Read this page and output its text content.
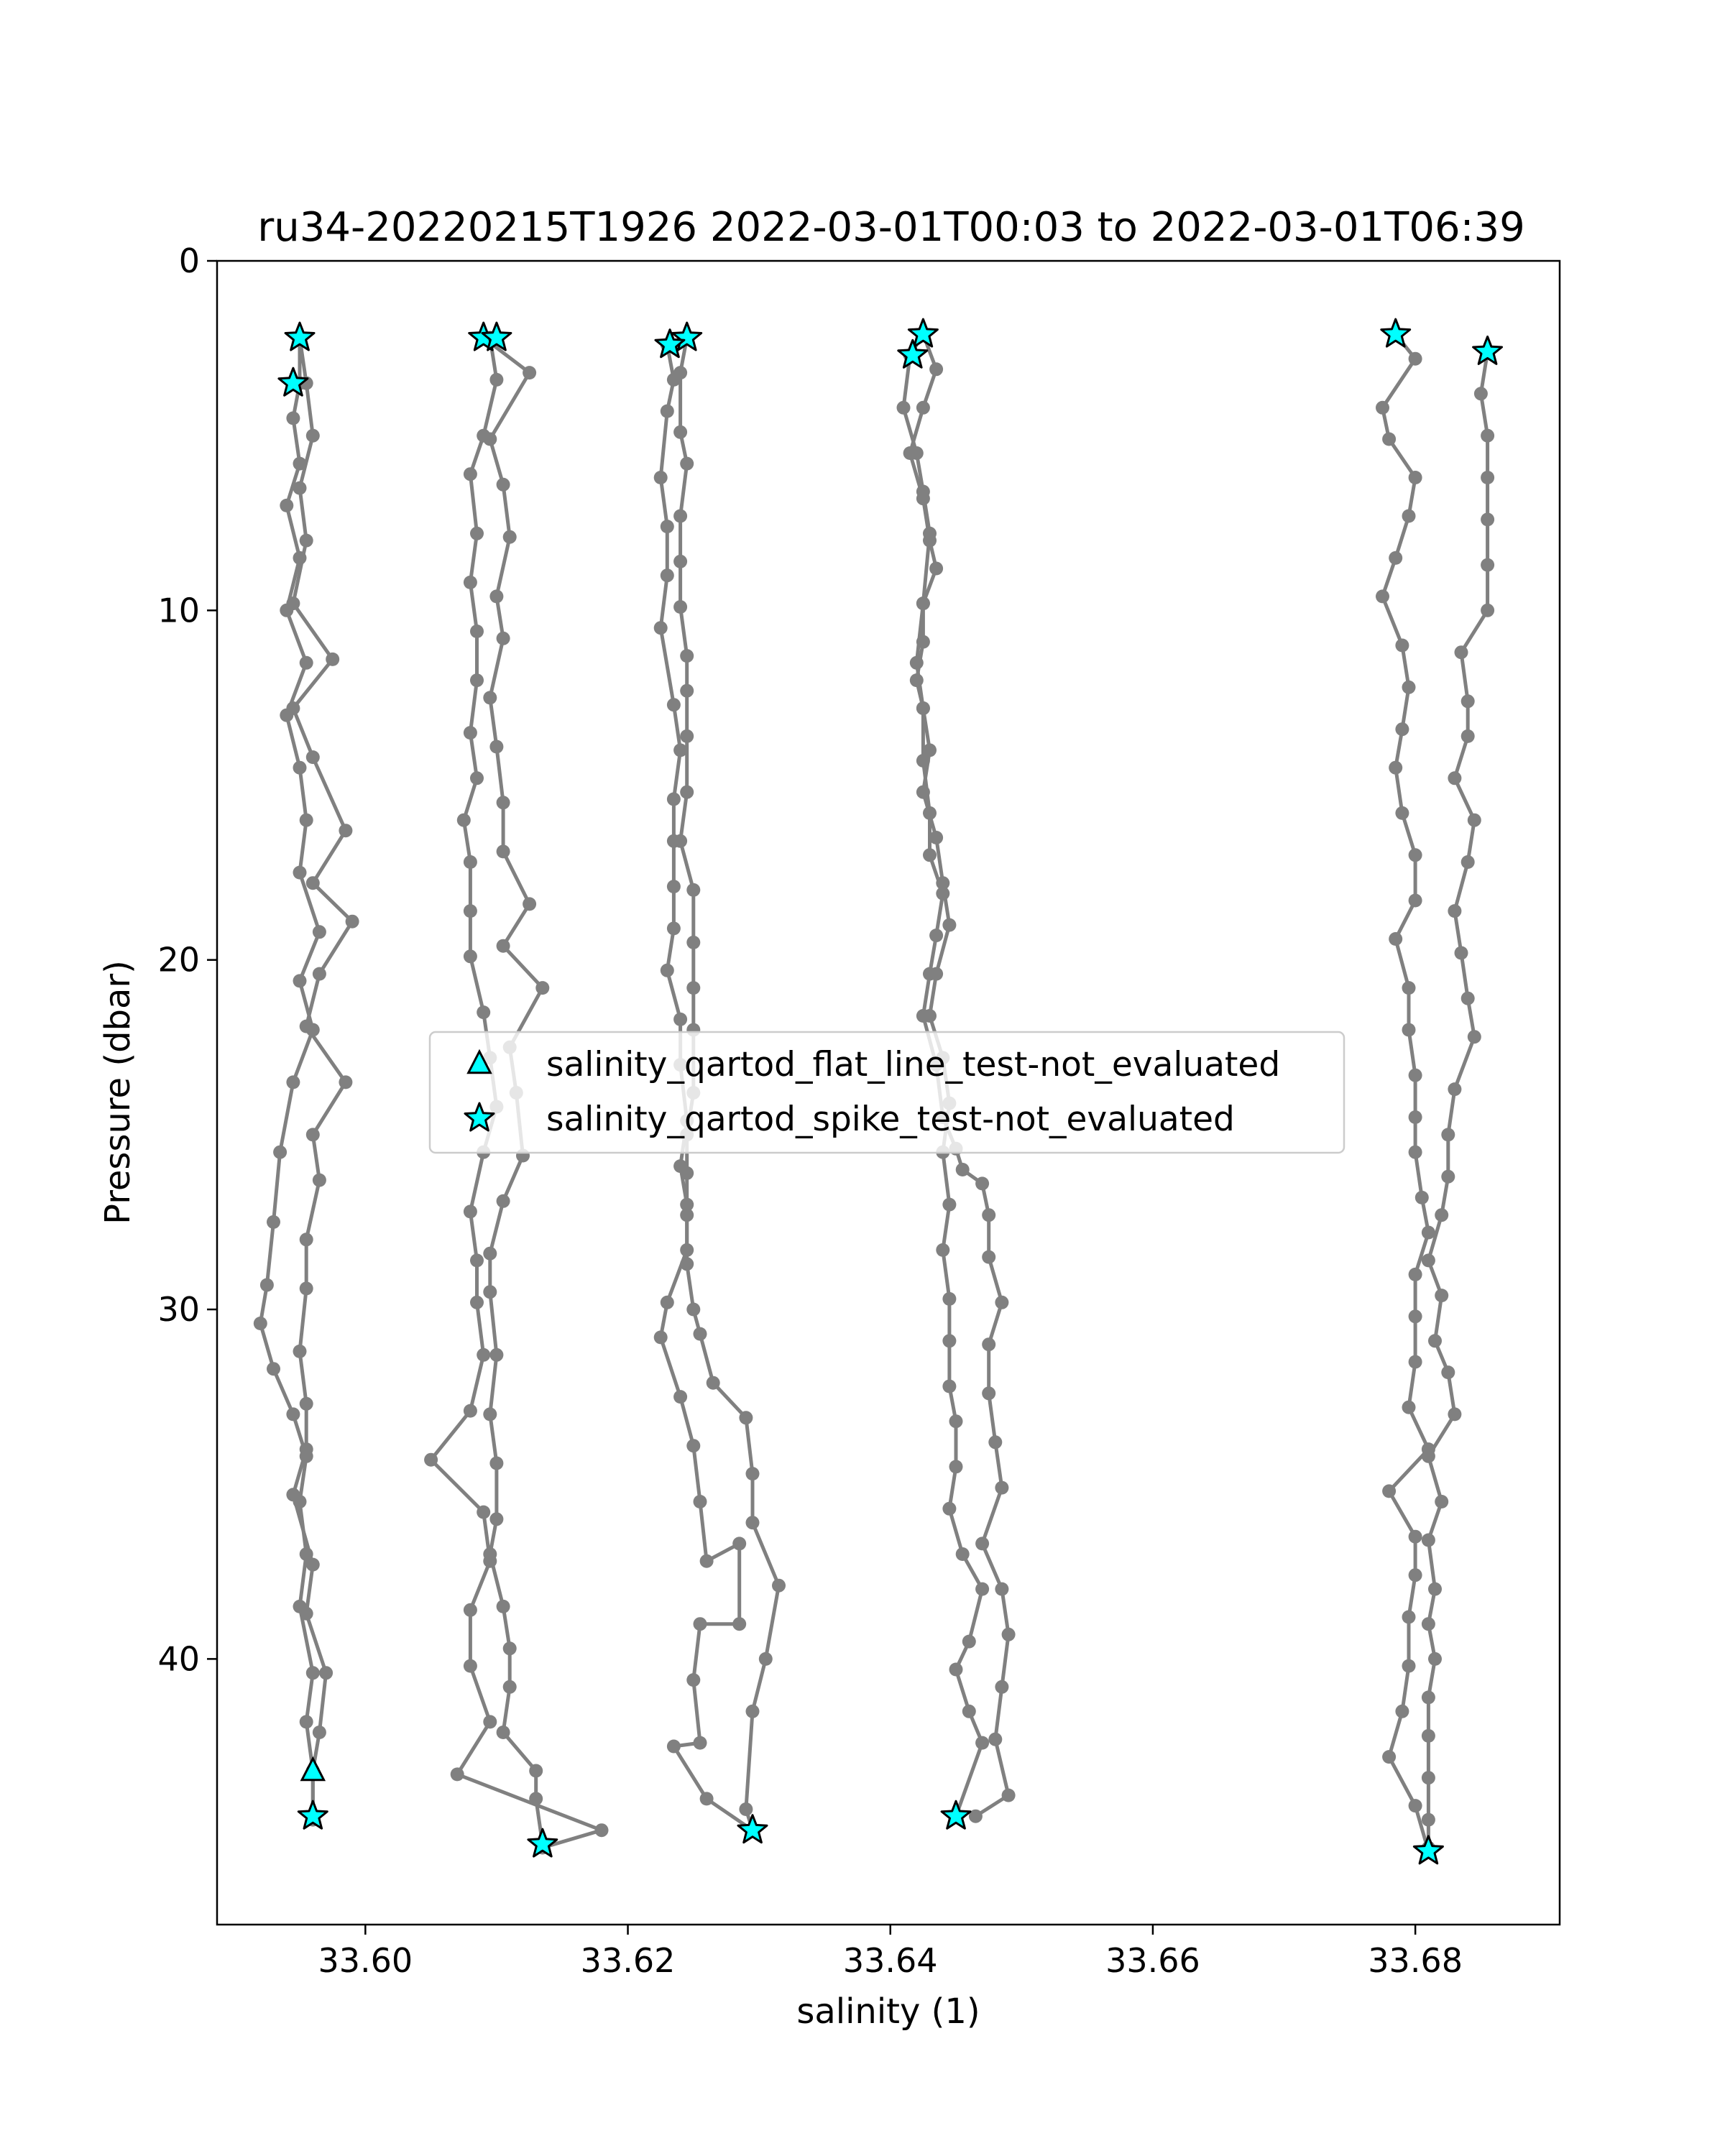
ru34-20220215T1926 2022-03-01T00:03 to 2022-03-01T06:39
33.60	33.62	33.64	33.66	33.68
0
10
20
30
40
salinity (1)
Pressure (dbar)	salinity_qartod_flat_line_test-not_evaluated
salinity_qartod_spike_test-not_evaluated
